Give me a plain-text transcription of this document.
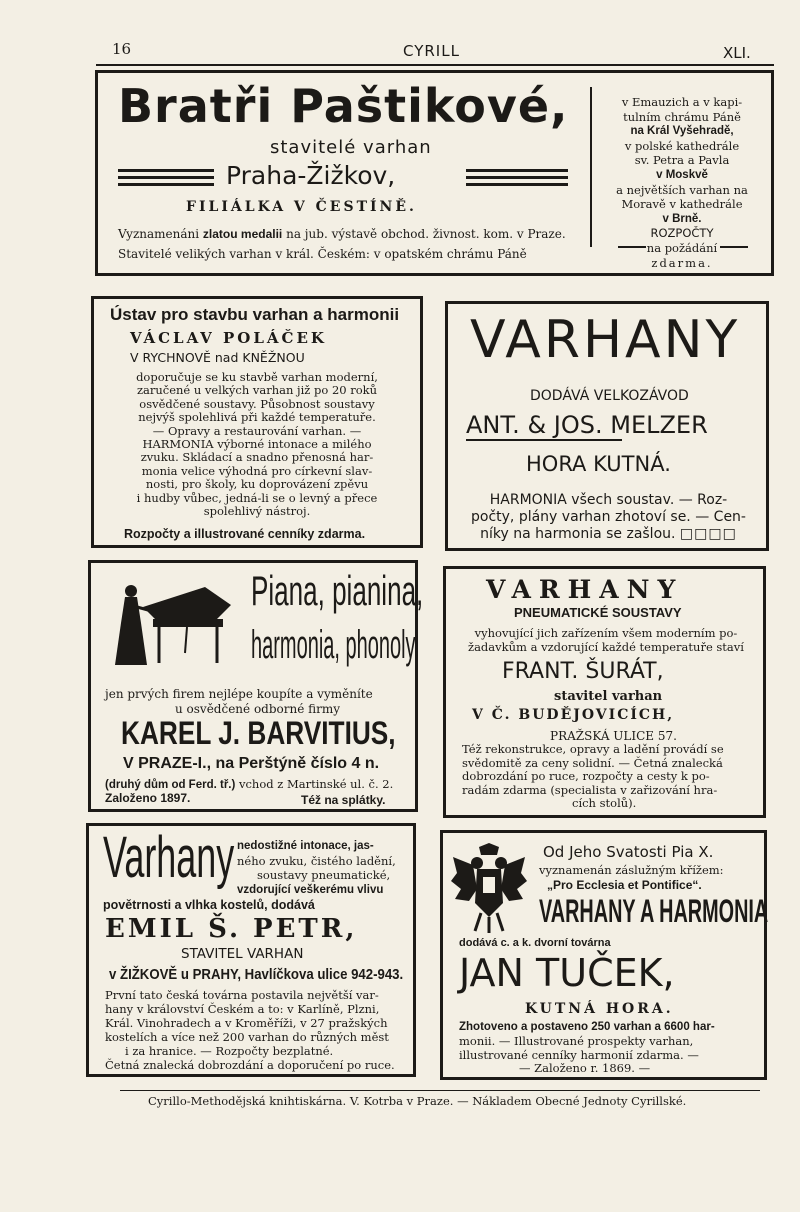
16	CYRILL	XLI.
Bratři Paštikové,
stavitelé varhan
Praha-Žižkov,
FILIÁLKA V ČESTÍNĚ.
Vyznamenáni zlatou medalii na jub. výstavě obchod. živnost. kom. v Praze.
Stavitelé velikých varhan v král. Českém: v opatském chrámu Páně

v Emauzich a v kapi-

tulním chrámu Páně

na Král Vyšehradě,

v polské kathedrále

sv. Petra a Pavla

v Moskvě

a největších varhan na

Moravě v kathedrále

v Brně.

ROZPOČTY

na požádání

zdarma.

Ústav pro stavbu varhan a harmonii
VÁCLAV POLÁČEK
V RYCHNOVĚ nad KNĚŽNOU

doporučuje se ku stavbě varhan moderní,

zaručené u velkých varhan již po 20 roků

osvědčené soustavy. Působnost soustavy

nejvýš spolehlivá při každé temperatuře.

— Opravy a restaurování varhan. —

HARMONIA výborné intonace a milého

zvuku. Skládací a snadno přenosná har-

monia velice výhodná pro církevní slav-

nosti, pro školy, ku doprovázení zpěvu

i hudby vůbec, jedná-li se o levný a přece

spolehlivý nástroj.

Rozpočty a illustrované cenníky zdarma.
VARHANY
DODÁVÁ VELKOZÁVOD
ANT. & JOS. MELZER
HORA KUTNÁ.

HARMONIA všech soustav. — Roz-

počty, plány varhan zhotoví se. — Cen-

níky na harmonia se zašlou. □□□□

Piana, pianina,
harmonia, phonoly
jen prvých firem nejlépe koupíte a vyměníte
u osvědčené odborné firmy
KAREL J. BARVITIUS,
V PRAZE-I., na Perštýně číslo 4 n.
(druhý dům od Ferd. tř.) vchod z Martinské ul. č. 2.
Založeno 1897.	Též na splátky.
VARHANY
PNEUMATICKÉ SOUSTAVY

vyhovující jich zařízením všem moderním po-

žadavkům a vzdorující každé temperatuře staví

FRANT. ŠURÁT,
stavitel varhan
V Č. BUDĚJOVICÍCH,
PRAŽSKÁ ULICE 57.

Též rekonstrukce, opravy a ladění provádí se

svědomitě za ceny solidní. — Četná znalecká

dobrozdání po ruce, rozpočty a cesty k po-

radám zdarma (specialista v zařizování hra-

cích stolů).

Varhany nedostižné intonace, jas-

ného zvuku, čistého ladění,

soustavy pneumatické,

vzdorující veškerému vlivu

povětrnosti a vlhka kostelů, dodává
EMIL Š. PETR,
STAVITEL VARHAN
v ŽIŽKOVĚ u PRAHY, Havlíčkova ulice 942-943.

První tato česká továrna postavila největší var-

hany v království Českém a to: v Karlíně, Plzni,

Král. Vinohradech a v Kroměříži, v 27 pražských

kostelích a více než 200 varhan do různých měst

i za hranice. — Rozpočty bezplatné.

Četná znalecká dobrozdání a doporučení po ruce.

Od Jeho Svatosti Pia X.
vyznamenán záslužným křížem:
„Pro Ecclesia et Pontifice“.
VARHANY A HARMONIA
dodává c. a k. dvorní továrna
JAN TUČEK,
KUTNÁ HORA.

Zhotoveno a postaveno 250 varhan a 6600 har-

monii. — Illustrované prospekty varhan,

illustrované cenníky harmonií zdarma. —

— Založeno r. 1869. —

Cyrillo-Methodějská knihtiskárna. V. Kotrba v Praze. — Nákladem Obecné Jednoty Cyrillské.
